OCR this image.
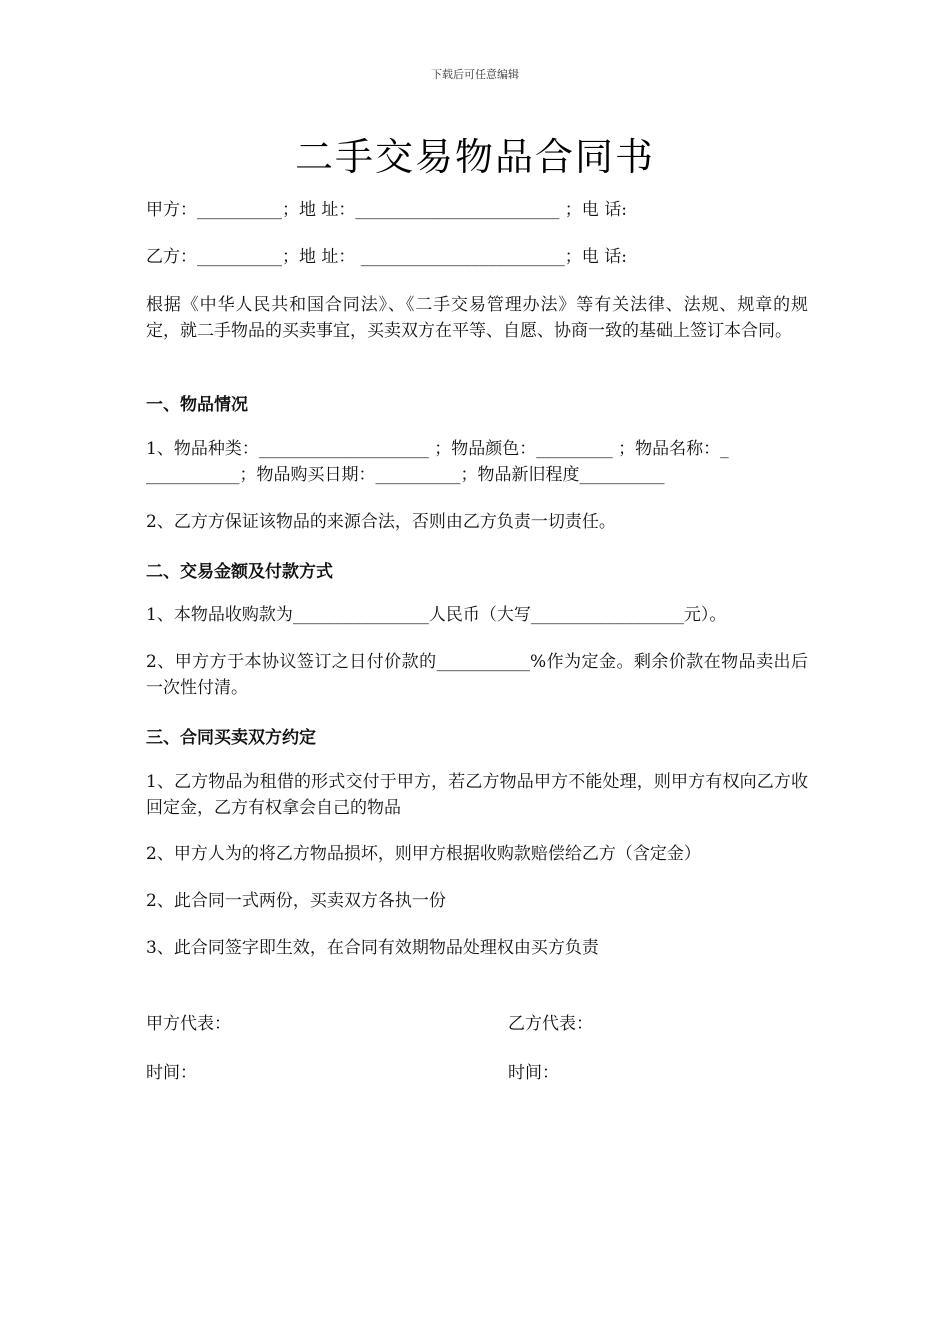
下载后可任意编辑
二手交易物品合同书
甲方：__________；地 址：________________________ ；电 话:
乙方：__________；地 址： ________________________；电 话:
根据《中华人民共和国合同法》、《二手交易管理办法》等有关法律、法规、规章的规定，就二手物品的买卖事宜，买卖双方在平等、自愿、协商一致的基础上签订本合同。
一、物品情况
1、物品种类：____________________ ；物品颜色：_________ ；物品名称：_
___________；物品购买日期：__________；物品新旧程度__________
2、乙方方保证该物品的来源合法，否则由乙方负责一切责任。
二、交易金额及付款方式
1、本物品收购款为________________人民币（大写__________________元）。
2、甲方方于本协议签订之日付价款的___________%作为定金。剩余价款在物品卖出后一次性付清。
三、合同买卖双方约定
1、乙方物品为租借的形式交付于甲方，若乙方物品甲方不能处理，则甲方有权向乙方收回定金，乙方有权拿会自己的物品
2、甲方人为的将乙方物品损坏，则甲方根据收购款赔偿给乙方（含定金）
2、此合同一式两份，买卖双方各执一份
3、此合同签字即生效，在合同有效期物品处理权由买方负责
甲方代表：	乙方代表：
时间：	时间：
